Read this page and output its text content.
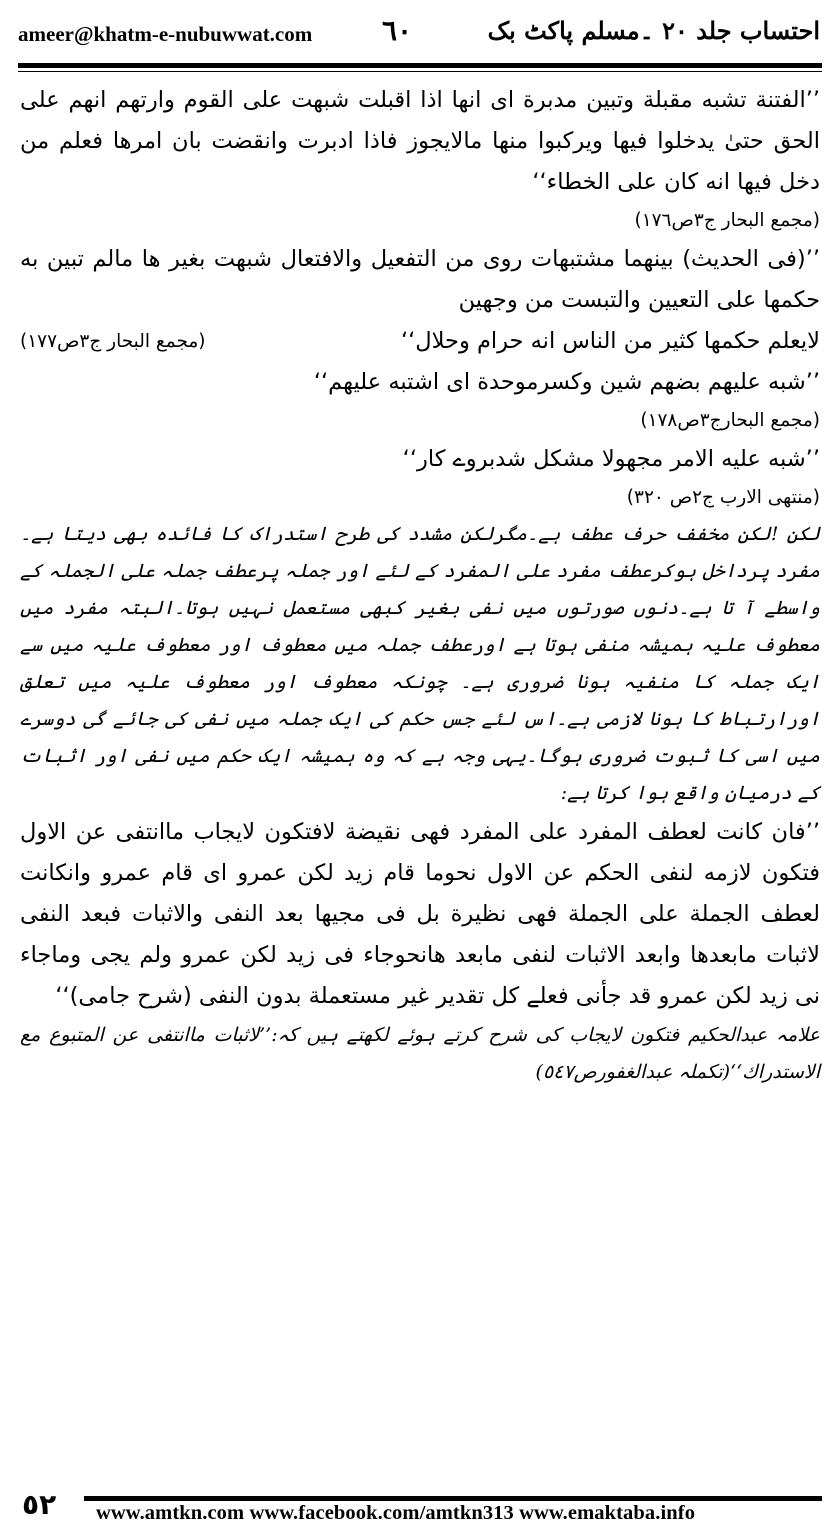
ameer@khatm-e-nubuwwat.com ٦٠	احتساب جلد ٢٠ ۔مسلم پاکٹ بک

’’الفتنة تشبه مقبلة وتبين مدبرة ای انها اذا اقبلت شبهت علی القوم وارتهم انهم علی الحق حتیٰ یدخلوا فیها ویرکبوا منها مالایجوز فاذا ادبرت وانقضت بان امرها فعلم من دخل فیها انه کان علی الخطاء‘‘

(مجمع البحار ج٣ص١٧٦)

’’(فی الحدیث) بینهما مشتبهات روی من التفعیل والافتعال شبهت بغیر ها مالم تبین به حکمها علی التعیین والتبست من وجهین

لایعلم حکمها کثیر من الناس انه حرام وحلال‘‘
(مجمع البحار ج٣ص١٧٧)

’’شبه علیهم بضهم شین وکسرموحدة ای اشتبه علیهم‘‘

(مجمع البحارج٣ص١٧٨)

’’شبه علیه الامر مجهولا مشکل شدبروے کار‘‘

(منتهی الارب ج٢ص ٣٢٠)

لکن !لکن مخفف حرف عطف ہے۔مگرلکن مشدد کی طرح استدراک کا فائدہ بھی دیتا ہے۔مفرد پرداخل ہوکرعطف مفرد علی المفرد کے لئے اور جملہ پرعطف جملہ علی الجملہ کے واسطے آ تا ہے۔دنوں صورتوں میں نفی بغیر کبھی مستعمل نہیں ہوتا۔البتہ مفرد میں معطوف علیہ ہمیشہ منفی ہوتا ہے اورعطف جملہ میں معطوف اور معطوف علیہ میں سے ایک جملہ کا منفیہ ہونا ضروری ہے۔ چونکہ معطوف اور معطوف علیہ میں تعلق اورارتباط کا ہونا لازمی ہے۔اس لئے جس حکم کی ایک جملہ میں نفی کی جائے گی دوسرے میں اسی کا ثبوت ضروری ہوگا۔یہی وجہ ہے کہ وہ ہمیشہ ایک حکم میں نفی اور اثبات کے درمیان واقع ہوا کرتا ہے:

’’فان کانت لعطف المفرد علی المفرد فهی نقیضة لافتکون لایجاب ماانتفی عن الاول فتکون لازمه لنفی الحکم عن الاول نحوما قام زید لکن عمرو ای قام عمرو وانکانت لعطف الجملة علی الجملة فهی نظیرة بل فی مجیها بعد النفی والاثبات فبعد النفی لاثبات مابعدها وابعد الاثبات لنفی مابعد هانحوجاء فی زید لکن عمرو ولم یجی وماجاء نی زید لکن عمرو قد جأنی فعلے کل تقدیر غیر مستعملة بدون النفی (شرح جامی)‘‘

علامہ عبدالحکیم فتکون لایجاب کی شرح کرتے ہوئے لکھتے ہیں کہ:’’لاثبات ماانتفی عن المتبوع مع الاستدراك‘‘(تکملہ عبدالغفورص٥٤٧)

٥٢ www.amtkn.com www.facebook.com/amtkn313 www.emaktaba.info
